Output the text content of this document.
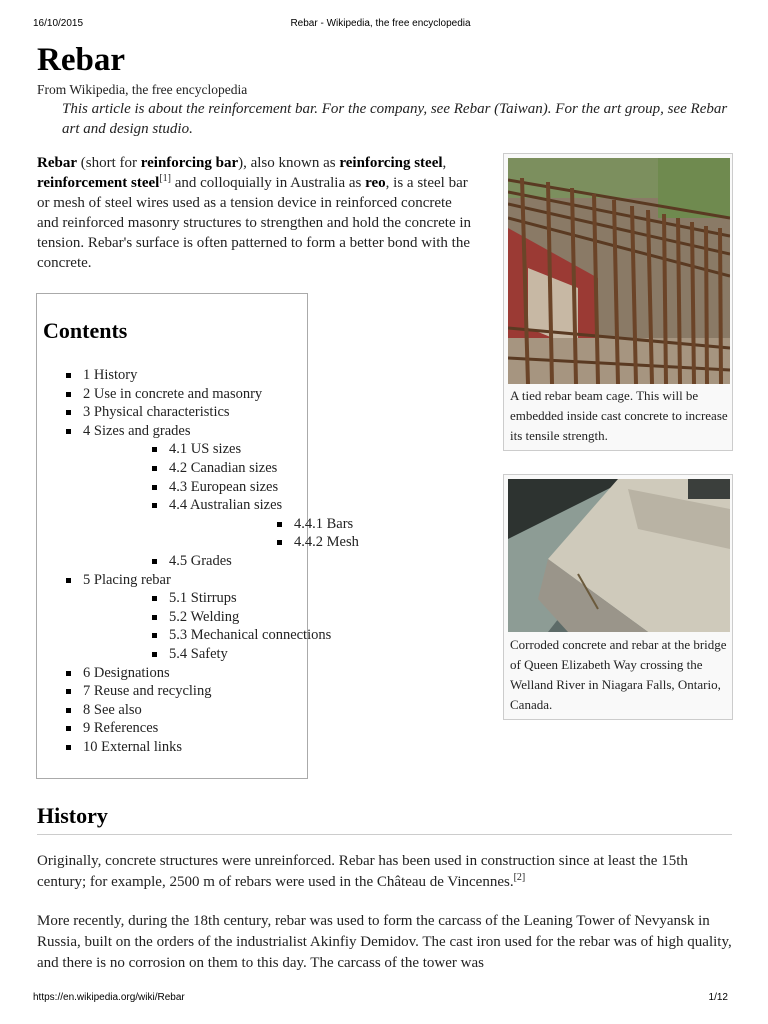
16/10/2015	Rebar - Wikipedia, the free encyclopedia
Rebar
From Wikipedia, the free encyclopedia
This article is about the reinforcement bar. For the company, see Rebar (Taiwan). For the art group, see Rebar art and design studio.
Rebar (short for reinforcing bar), also known as reinforcing steel, reinforcement steel[1] and colloquially in Australia as reo, is a steel bar or mesh of steel wires used as a tension device in reinforced concrete and reinforced masonry structures to strengthen and hold the concrete in tension. Rebar's surface is often patterned to form a better bond with the concrete.
Contents
1 History
2 Use in concrete and masonry
3 Physical characteristics
4 Sizes and grades
4.1 US sizes
4.2 Canadian sizes
4.3 European sizes
4.4 Australian sizes
4.4.1 Bars
4.4.2 Mesh
4.5 Grades
5 Placing rebar
5.1 Stirrups
5.2 Welding
5.3 Mechanical connections
5.4 Safety
6 Designations
7 Reuse and recycling
8 See also
9 References
10 External links
A tied rebar beam cage. This will be embedded inside cast concrete to increase its tensile strength.
Corroded concrete and rebar at the bridge of Queen Elizabeth Way crossing the Welland River in Niagara Falls, Ontario, Canada.
History
Originally, concrete structures were unreinforced. Rebar has been used in construction since at least the 15th century; for example, 2500 m of rebars were used in the Château de Vincennes.[2]
More recently, during the 18th century, rebar was used to form the carcass of the Leaning Tower of Nevyansk in Russia, built on the orders of the industrialist Akinfiy Demidov. The cast iron used for the rebar was of high quality, and there is no corrosion on them to this day. The carcass of the tower was
https://en.wikipedia.org/wiki/Rebar	1/12
